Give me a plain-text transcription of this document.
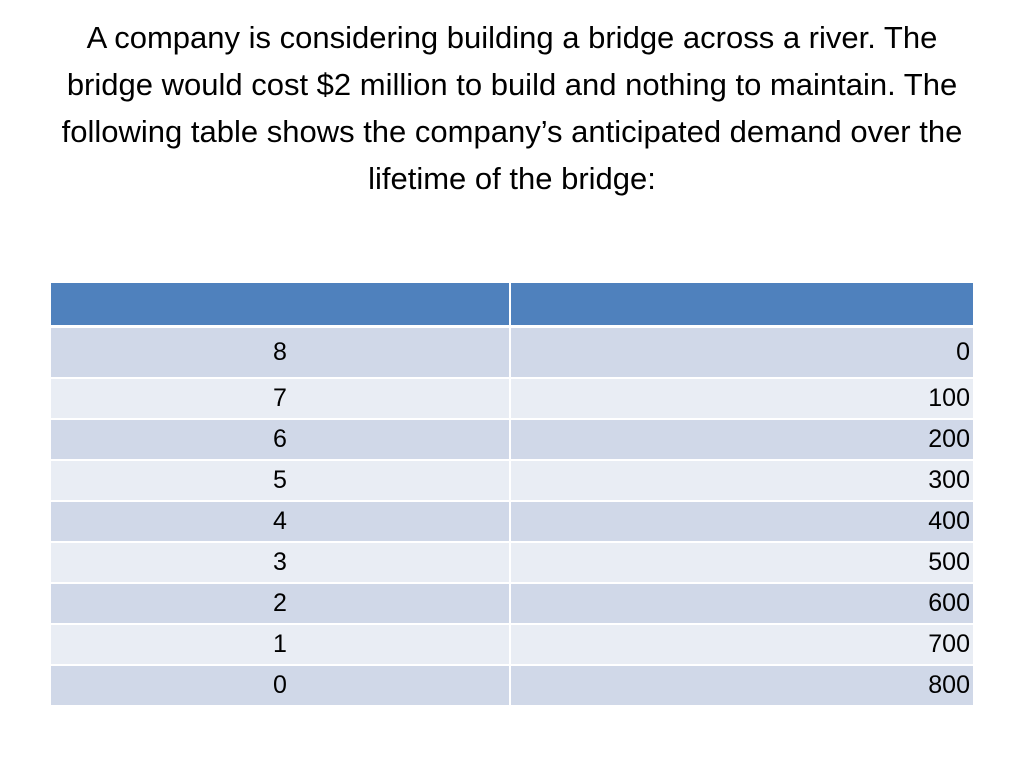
A company is considering building a bridge across a river. The bridge would cost $2 million to build and nothing to maintain. The following table shows the company’s anticipated demand over the lifetime of the bridge:

8	0
7	100
6	200
5	300
4	400
3	500
2	600
1	700
0	800
